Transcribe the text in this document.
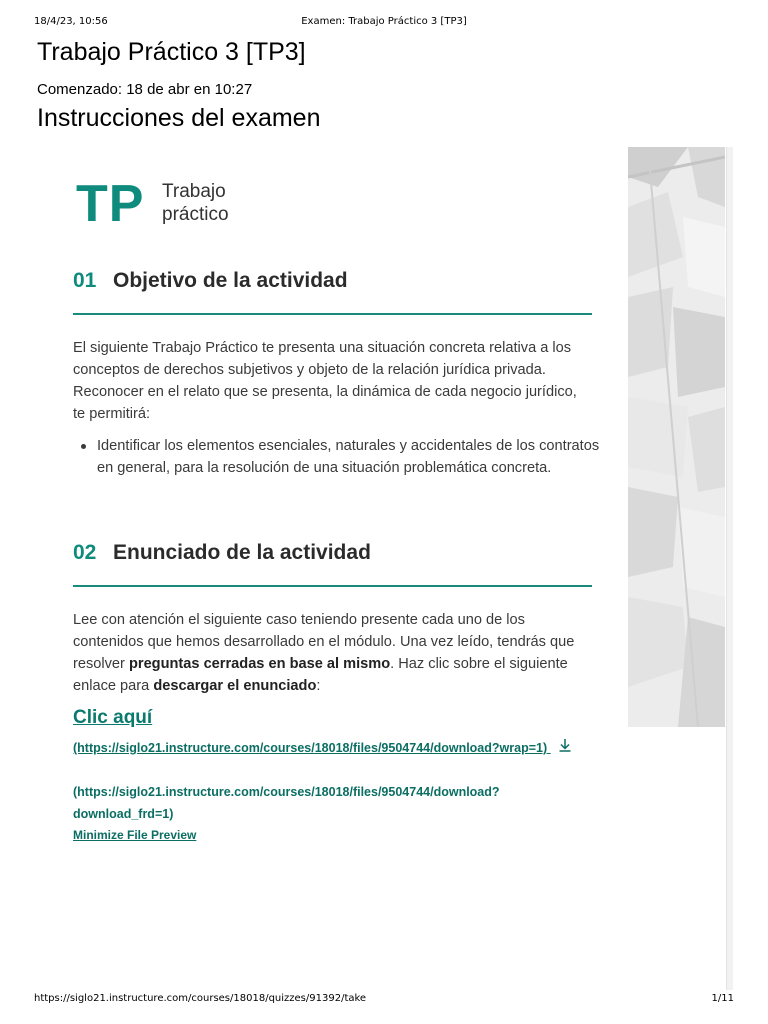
18/4/23, 10:56	Examen: Trabajo Práctico 3 [TP3]
Trabajo Práctico 3 [TP3]
Comenzado: 18 de abr en 10:27
Instrucciones del examen
TP Trabajo
práctico
01 Objetivo de la actividad

El siguiente Trabajo Práctico te presenta una situación concreta relativa a los conceptos de derechos subjetivos y objeto de la relación jurídica privada. Reconocer en el relato que se presenta, la dinámica de cada negocio jurídico, te permitirá:

Identificar los elementos esenciales, naturales y accidentales de los contratos en general, para la resolución de una situación problemática concreta.
02 Enunciado de la actividad

Lee con atención el siguiente caso teniendo presente cada uno de los contenidos que hemos desarrollado en el módulo. Una vez leído, tendrás que resolver preguntas cerradas en base al mismo. Haz clic sobre el siguiente enlace para descargar el enunciado:

Clic aquí
(https://siglo21.instructure.com/courses/18018/files/9504744/download?wrap=1)
(https://siglo21.instructure.com/courses/18018/files/9504744/download?download_frd=1)
Minimize File Preview
https://siglo21.instructure.com/courses/18018/quizzes/91392/take	1/11
